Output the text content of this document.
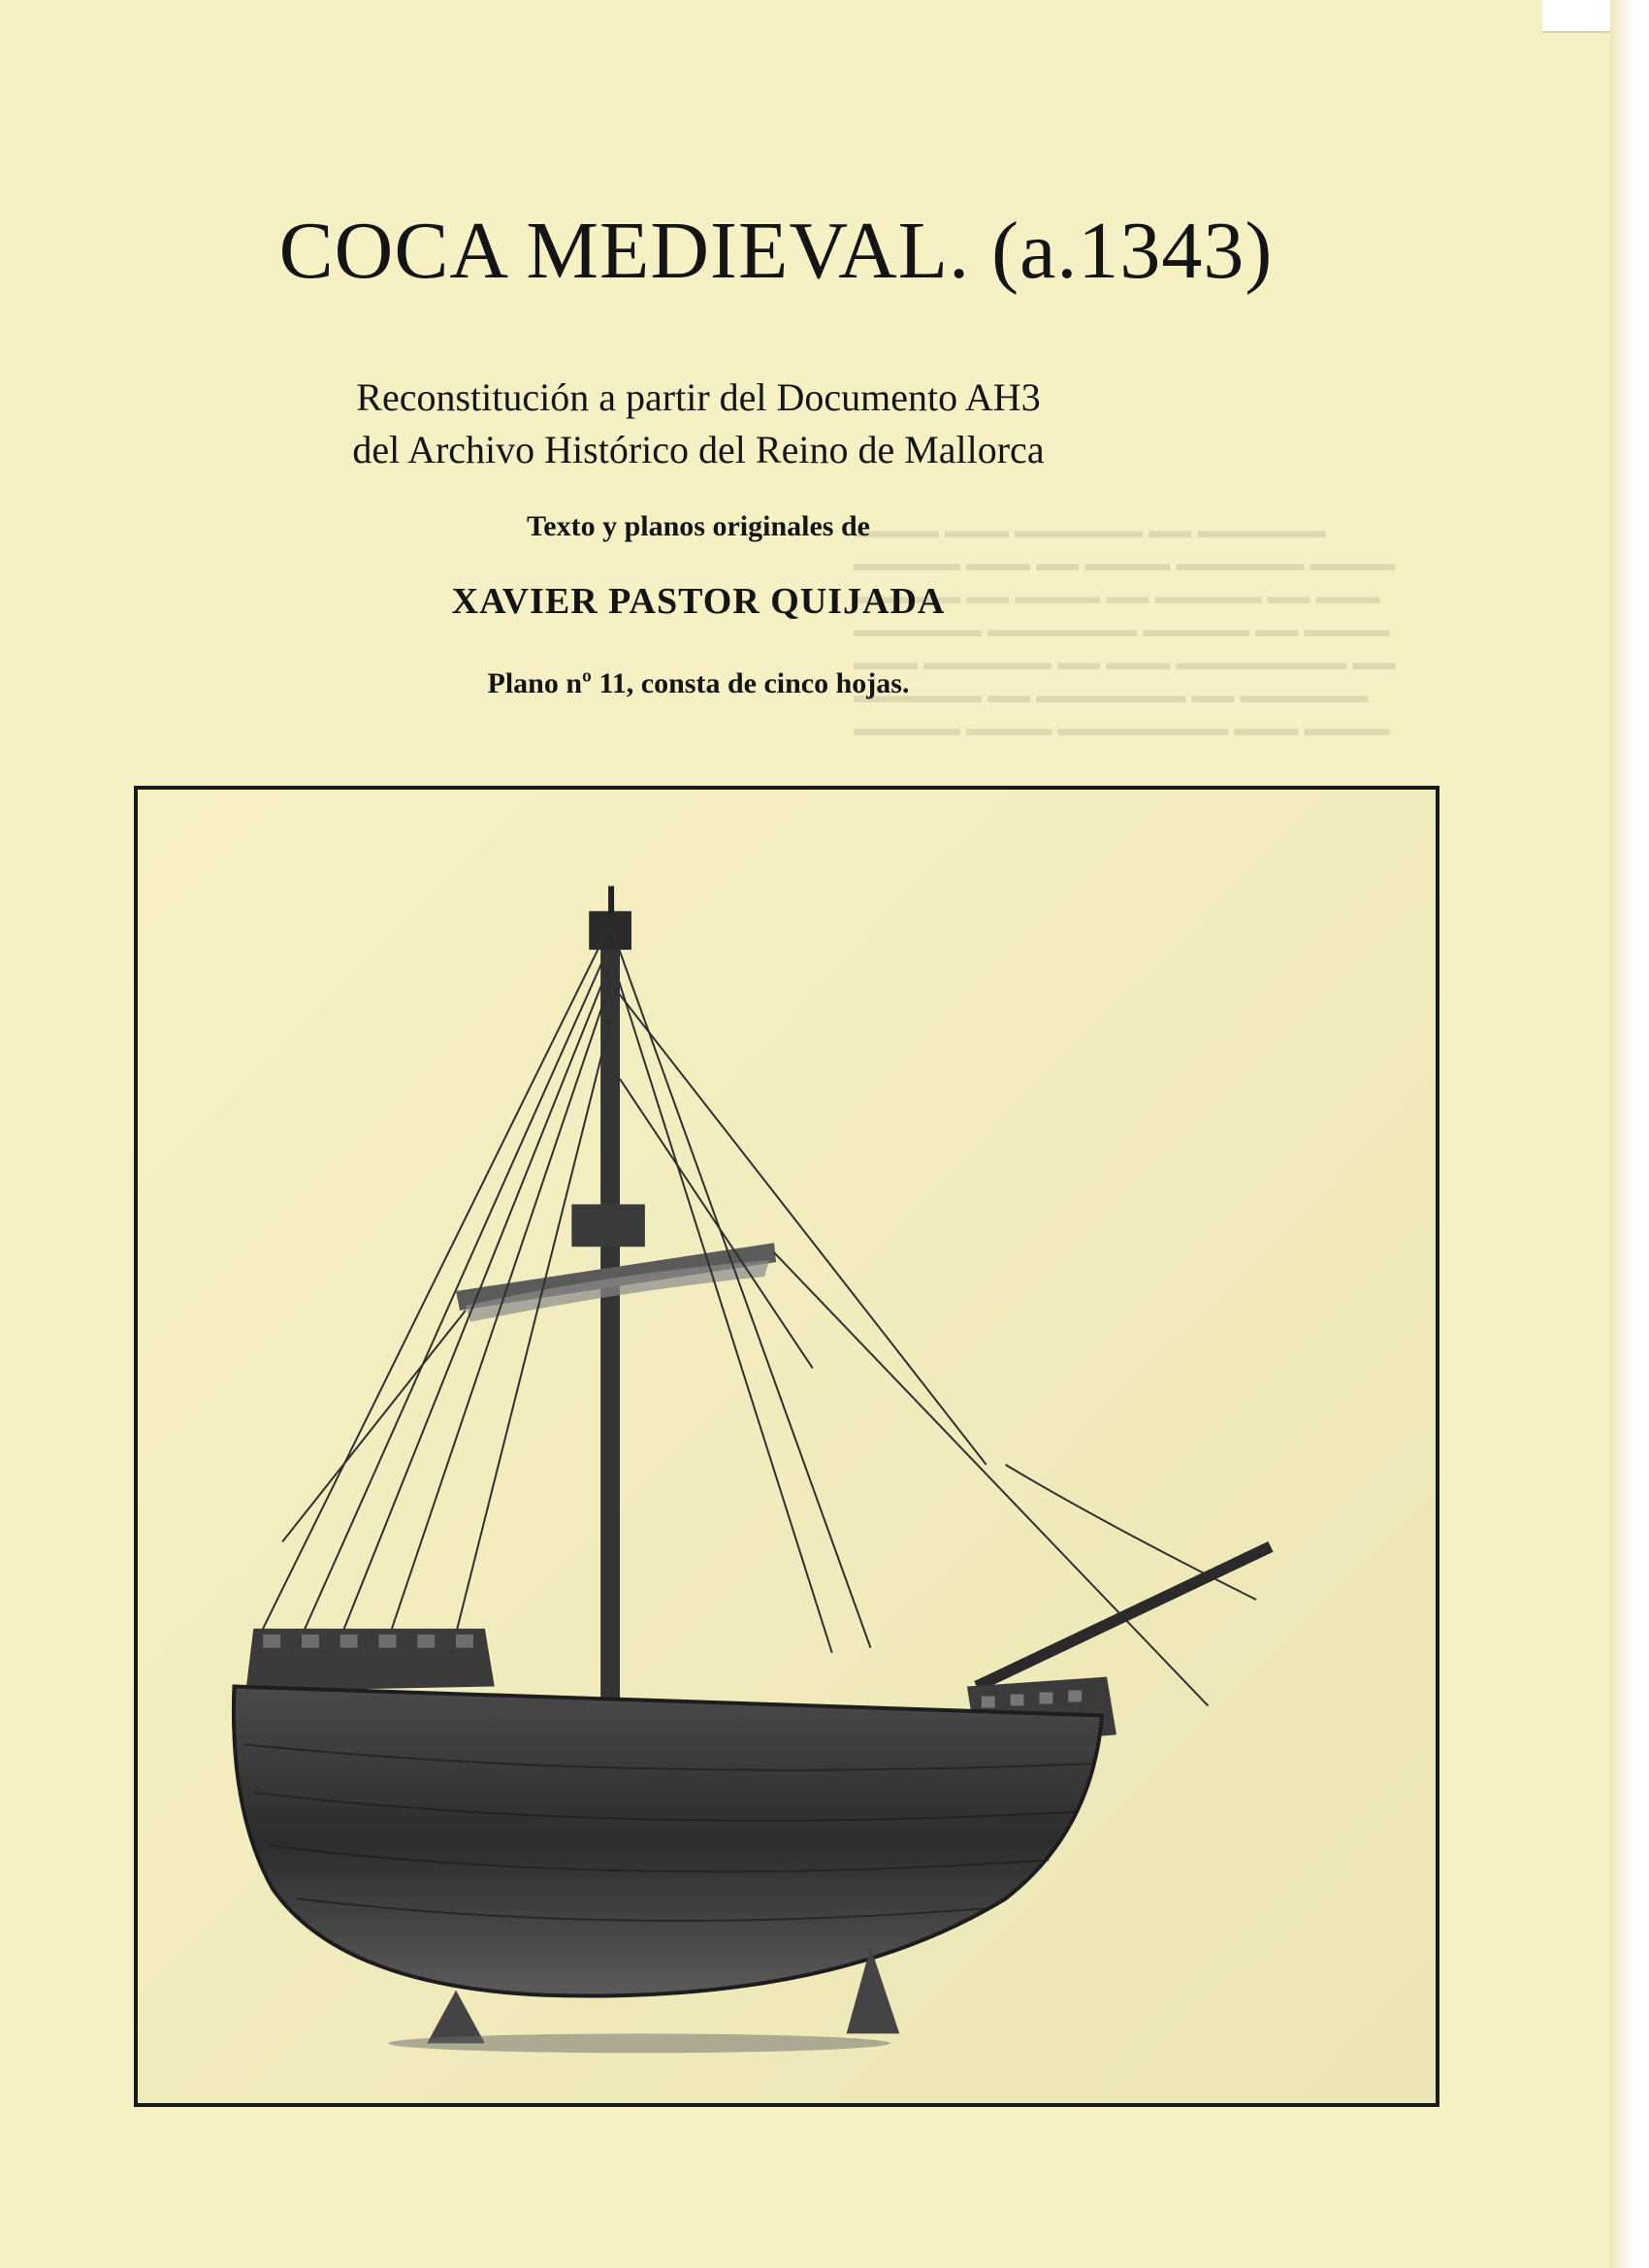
▬▬▬▬ ▬▬▬ ▬▬▬▬▬▬ ▬▬ ▬▬▬▬▬▬
▬▬▬▬▬ ▬▬▬ ▬▬ ▬▬▬▬ ▬▬▬▬▬▬ ▬▬▬▬
▬▬▬▬▬ ▬▬ ▬▬▬▬ ▬▬ ▬▬▬▬▬ ▬▬ ▬▬▬
▬▬▬▬▬▬ ▬▬▬▬▬▬▬ ▬▬▬▬▬ ▬▬ ▬▬▬▬
▬▬▬ ▬▬▬▬▬▬ ▬▬ ▬▬▬ ▬▬▬▬▬▬▬▬ ▬▬
▬▬▬▬▬▬ ▬▬ ▬▬▬▬▬▬▬ ▬▬ ▬▬▬▬▬▬
▬▬▬▬▬ ▬▬▬▬ ▬▬▬▬▬▬▬▬ ▬▬▬ ▬▬▬▬
COCA MEDIEVAL. (a.1343)
Reconstitución a partir del Documento AH3
del Archivo Histórico del Reino de Mallorca
Texto y planos originales de
XAVIER PASTOR QUIJADA
Plano nº 11, consta de cinco hojas.
